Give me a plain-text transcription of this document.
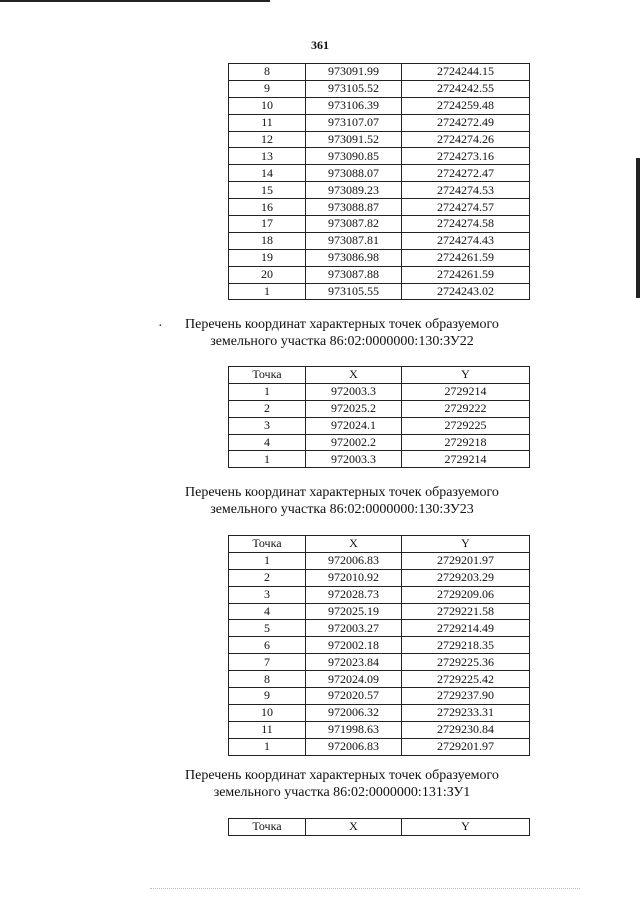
361
8	973091.99	2724244.15
9	973105.52	2724242.55
10	973106.39	2724259.48
11	973107.07	2724272.49
12	973091.52	2724274.26
13	973090.85	2724273.16
14	973088.07	2724272.47
15	973089.23	2724274.53
16	973088.87	2724274.57
17	973087.82	2724274.58
18	973087.81	2724274.43
19	973086.98	2724261.59
20	973087.88	2724261.59
1	973105.55	2724243.02
·	Перечень координат характерных точек образуемого
земельного участка 86:02:0000000:130:ЗУ22
Точка	X	Y
1	972003.3	2729214
2	972025.2	2729222
3	972024.1	2729225
4	972002.2	2729218
1	972003.3	2729214
Перечень координат характерных точек образуемого
земельного участка 86:02:0000000:130:ЗУ23
Точка	X	Y
1	972006.83	2729201.97
2	972010.92	2729203.29
3	972028.73	2729209.06
4	972025.19	2729221.58
5	972003.27	2729214.49
6	972002.18	2729218.35
7	972023.84	2729225.36
8	972024.09	2729225.42
9	972020.57	2729237.90
10	972006.32	2729233.31
11	971998.63	2729230.84
1	972006.83	2729201.97
Перечень координат характерных точек образуемого
земельного участка 86:02:0000000:131:ЗУ1
Точка	X	Y
